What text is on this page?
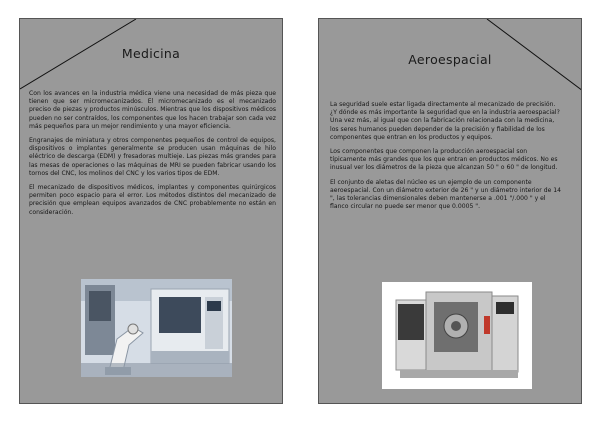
Medicina

Con los avances en la industria médica viene una necesidad de más pieza que tienen que ser micromecanizados. El micromecanizado es el mecanizado preciso de piezas y productos minúsculos. Mientras que los dispositivos médicos pueden no ser contraídos, los componentes que los hacen trabajar son cada vez más pequeños para un mejor rendimiento y una mayor eficiencia.

Engranajes de miniatura y otros componentes pequeños de control de equipos, dispositivos o implantes generalmente se producen usan máquinas de hilo eléctrico de descarga (EDM) y fresadoras multieje. Las piezas más grandes para las mesas de operaciones o las máquinas de MRI se pueden fabricar usando los tornos del CNC, los molinos del CNC y los varios tipos de EDM.

El mecanizado de dispositivos médicos, implantes y componentes quirúrgicos permiten poco espacio para el error. Los métodos distintos del mecanizado de precisión que emplean equipos avanzados de CNC probablemente no están en consideración.

Aeroespacial

La seguridad suele estar ligada directamente al mecanizado de precisión. ¿Y dónde es más importante la seguridad que en la industria aeroespacial? Una vez más, al igual que con la fabricación relacionada con la medicina, los seres humanos pueden depender de la precisión y fiabilidad de los componentes que entran en los productos y equipos.

Los componentes que componen la producción aeroespacial son típicamente más grandes que los que entran en productos médicos. No es inusual ver los diámetros de la pieza que alcanzan 50 " o 60 " de longitud.

El conjunto de aletas del núcleo es un ejemplo de un componente aeroespacial. Con un diámetro exterior de 26 " y un diámetro interior de 14 ", las tolerancias dimensionales deben mantenerse a .001 "/.000 " y el flanco circular no puede ser menor que 0.0005 ".
